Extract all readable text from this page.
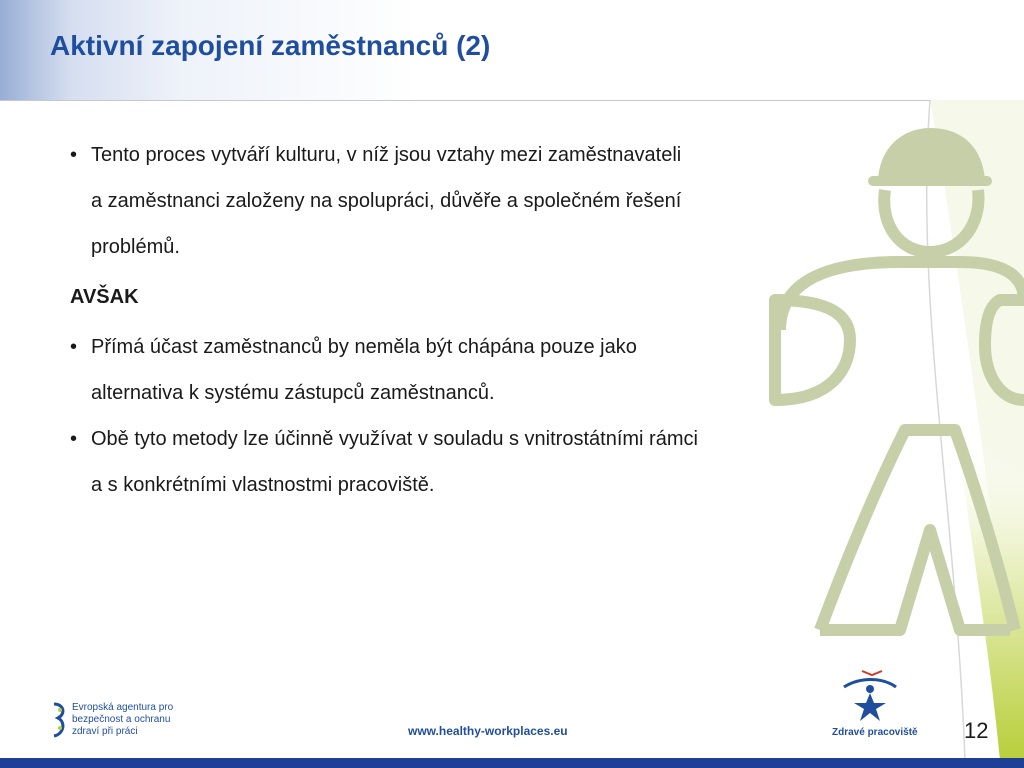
Aktivní zapojení zaměstnanců (2)
• Tento proces vytváří kulturu, v níž jsou vztahy mezi zaměstnavateli
a zaměstnanci založeny na spolupráci, důvěře a společném řešení
problémů.
AVŠAK
• Přímá účast zaměstnanců by neměla být chápána pouze jako
alternativa k systému zástupců zaměstnanců.
• Obě tyto metody lze účinně využívat v souladu s vnitrostátními rámci
a s konkrétními vlastnostmi pracoviště.
Evropská agentura pro
bezpečnost a ochranu
zdraví při práci	www.healthy-workplaces.eu	Zdravé pracoviště 12
